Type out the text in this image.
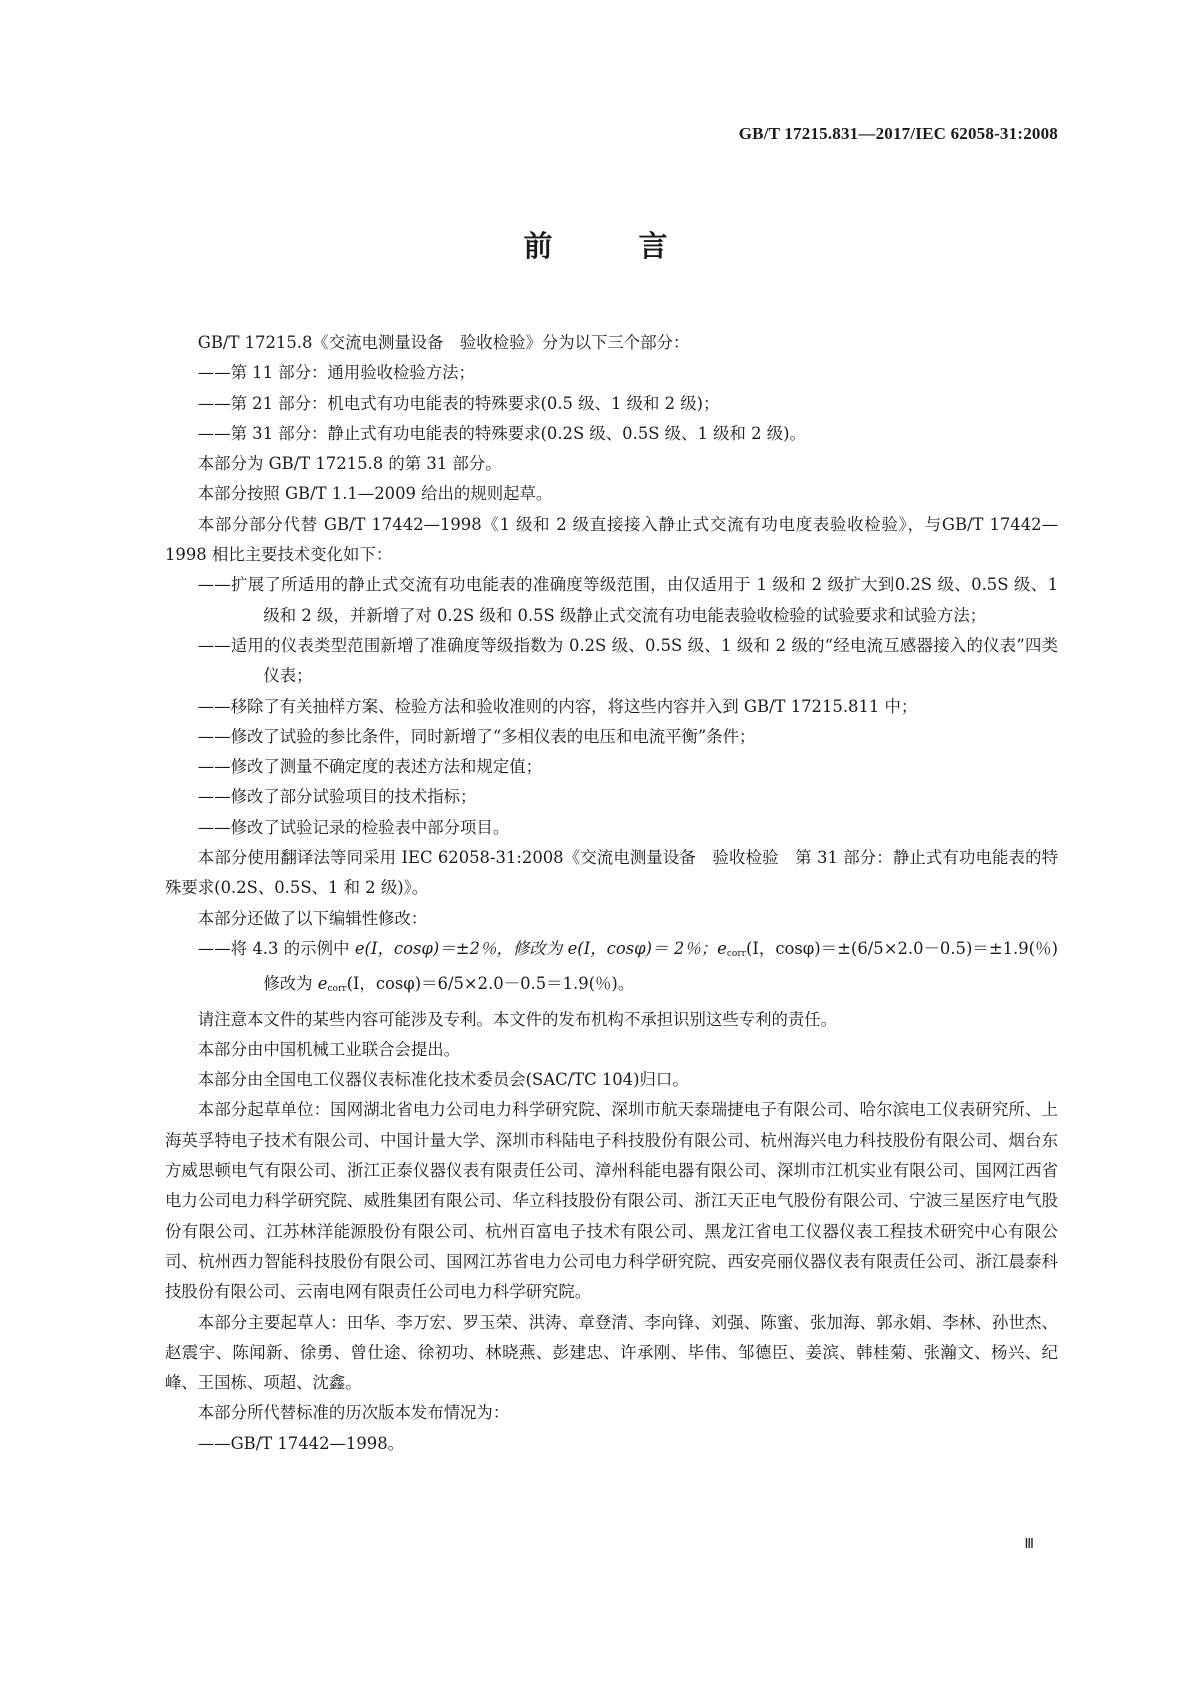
GB/T 17215.831—2017/IEC 62058-31:2008
前 言
GB/T 17215.8《交流电测量设备　验收检验》分为以下三个部分：
——第 11 部分：通用验收检验方法；
——第 21 部分：机电式有功电能表的特殊要求(0.5 级、1 级和 2 级)；
——第 31 部分：静止式有功电能表的特殊要求(0.2S 级、0.5S 级、1 级和 2 级)。
本部分为 GB/T 17215.8 的第 31 部分。
本部分按照 GB/T 1.1—2009 给出的规则起草。
本部分部分代替 GB/T 17442—1998《1 级和 2 级直接接入静止式交流有功电度表验收检验》，与GB/T 17442—1998 相比主要技术变化如下：
——扩展了所适用的静止式交流有功电能表的准确度等级范围，由仅适用于 1 级和 2 级扩大到0.2S 级、0.5S 级、1 级和 2 级，并新增了对 0.2S 级和 0.5S 级静止式交流有功电能表验收检验的试验要求和试验方法；
——适用的仪表类型范围新增了准确度等级指数为 0.2S 级、0.5S 级、1 级和 2 级的“经电流互感器接入的仪表”四类仪表；
——移除了有关抽样方案、检验方法和验收准则的内容，将这些内容并入到 GB/T 17215.811 中；
——修改了试验的参比条件，同时新增了“多相仪表的电压和电流平衡”条件；
——修改了测量不确定度的表述方法和规定值；
——修改了部分试验项目的技术指标；
——修改了试验记录的检验表中部分项目。
本部分使用翻译法等同采用 IEC 62058-31:2008《交流电测量设备　验收检验　第 31 部分：静止式有功电能表的特殊要求(0.2S、0.5S、1 和 2 级)》。
本部分还做了以下编辑性修改：
——将 4.3 的示例中 e(I，cosφ)＝±2％，修改为 e(I，cosφ)＝ 2％；$e_{corr}(I$，cosφ)＝±(6/5×2.0－0.5)＝±1.9(％)修改为 $e_{corr}(I$，cosφ)＝6/5×2.0－0.5＝1.9(％)。
请注意本文件的某些内容可能涉及专利。本文件的发布机构不承担识别这些专利的责任。
本部分由中国机械工业联合会提出。
本部分由全国电工仪器仪表标准化技术委员会(SAC/TC 104)归口。
本部分起草单位：国网湖北省电力公司电力科学研究院、深圳市航天泰瑞捷电子有限公司、哈尔滨电工仪表研究所、上海英孚特电子技术有限公司、中国计量大学、深圳市科陆电子科技股份有限公司、杭州海兴电力科技股份有限公司、烟台东方威思顿电气有限公司、浙江正泰仪器仪表有限责任公司、漳州科能电器有限公司、深圳市江机实业有限公司、国网江西省电力公司电力科学研究院、威胜集团有限公司、华立科技股份有限公司、浙江天正电气股份有限公司、宁波三星医疗电气股份有限公司、江苏林洋能源股份有限公司、杭州百富电子技术有限公司、黑龙江省电工仪器仪表工程技术研究中心有限公司、杭州西力智能科技股份有限公司、国网江苏省电力公司电力科学研究院、西安亮丽仪器仪表有限责任公司、浙江晨泰科技股份有限公司、云南电网有限责任公司电力科学研究院。
本部分主要起草人：田华、李万宏、罗玉荣、洪涛、章登清、李向锋、刘强、陈蜜、张加海、郭永娟、李林、孙世杰、赵震宇、陈闻新、徐勇、曾仕途、徐初功、林晓燕、彭建忠、许承刚、毕伟、邹德臣、姜滨、韩桂菊、张瀚文、杨兴、纪峰、王国栋、项超、沈鑫。
本部分所代替标准的历次版本发布情况为：
——GB/T 17442—1998。
Ⅲ
